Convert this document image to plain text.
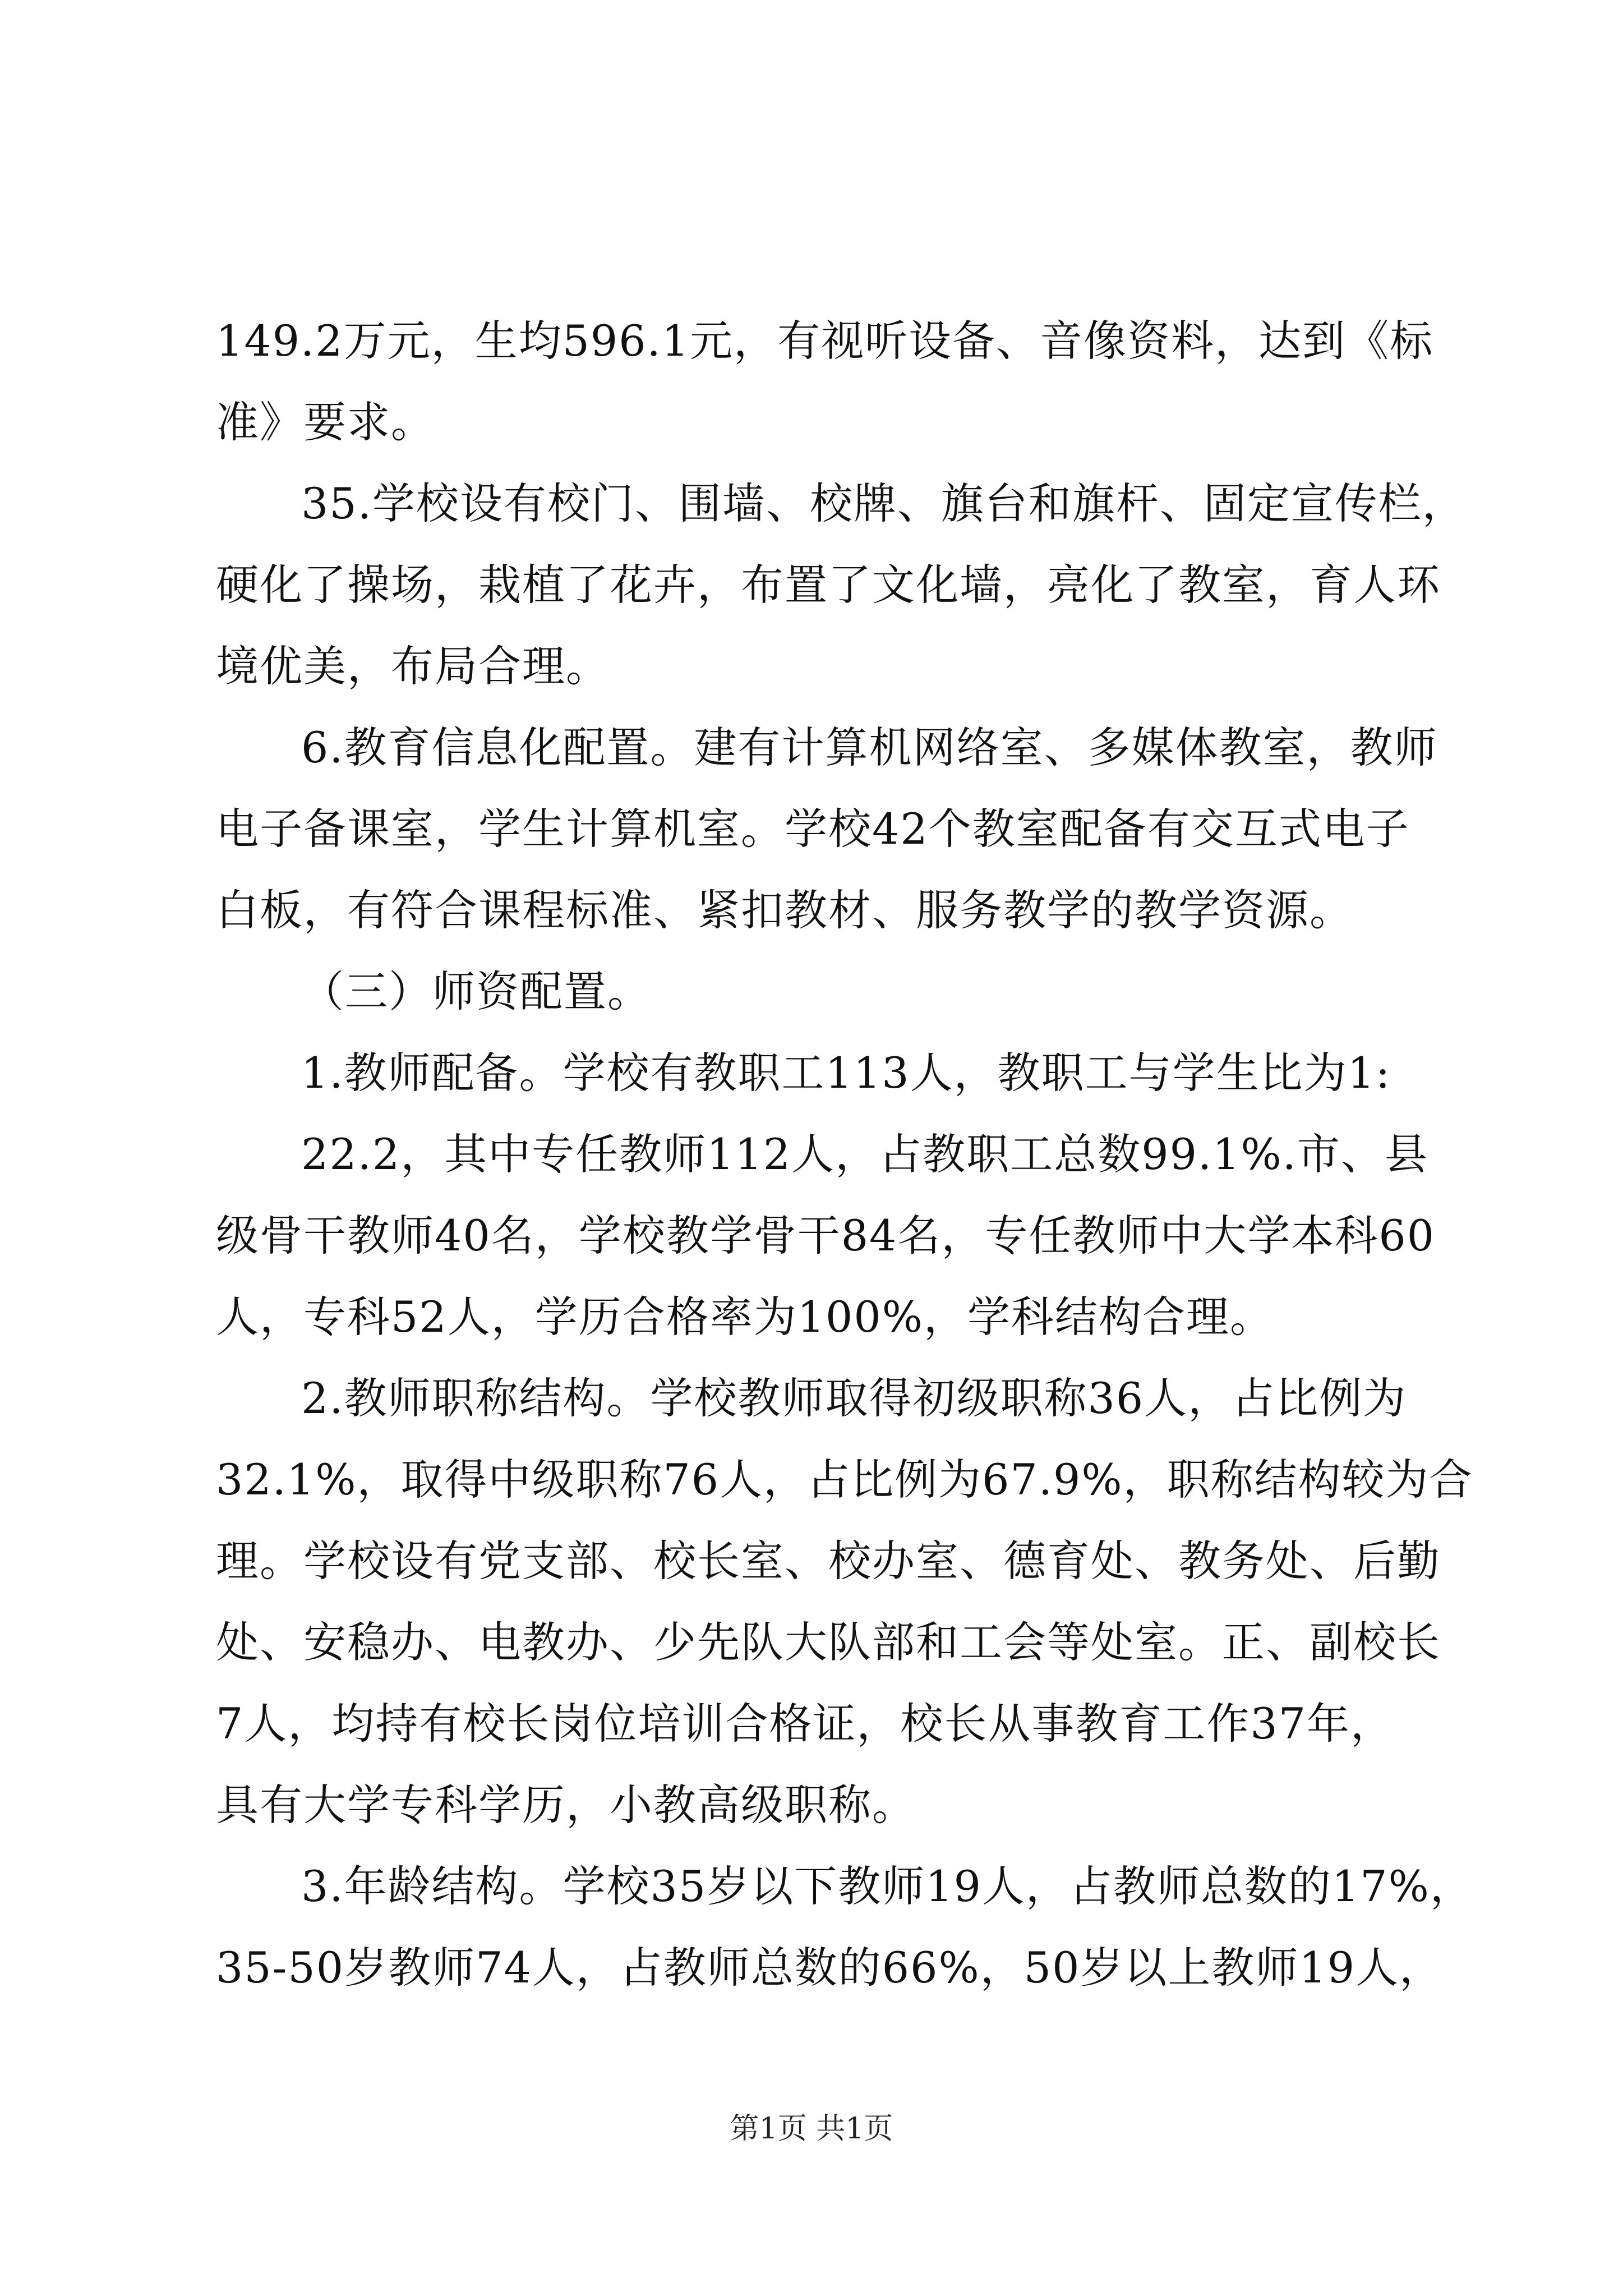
149.2万元，生均596.1元，有视听设备、音像资料，达到《标
准》要求。
35.学校设有校门、围墙、校牌、旗台和旗杆、固定宣传栏，
硬化了操场，栽植了花卉，布置了文化墙，亮化了教室，育人环
境优美，布局合理。
6.教育信息化配置。建有计算机网络室、多媒体教室，教师
电子备课室，学生计算机室。学校42个教室配备有交互式电子
白板，有符合课程标准、紧扣教材、服务教学的教学资源。
（三）师资配置。
1.教师配备。学校有教职工113人，教职工与学生比为1:
22.2，其中专任教师112人，占教职工总数99.1%.市、县
级骨干教师40名，学校教学骨干84名，专任教师中大学本科60
人，专科52人，学历合格率为100%，学科结构合理。
2.教师职称结构。学校教师取得初级职称36人，占比例为
32.1%，取得中级职称76人，占比例为67.9%，职称结构较为合
理。学校设有党支部、校长室、校办室、德育处、教务处、后勤
处、安稳办、电教办、少先队大队部和工会等处室。正、副校长
7人，均持有校长岗位培训合格证，校长从事教育工作37年，
具有大学专科学历，小教高级职称。
3.年龄结构。学校35岁以下教师19人，占教师总数的17%，
35-50岁教师74人，占教师总数的66%，50岁以上教师19人，
第1页 共1页
